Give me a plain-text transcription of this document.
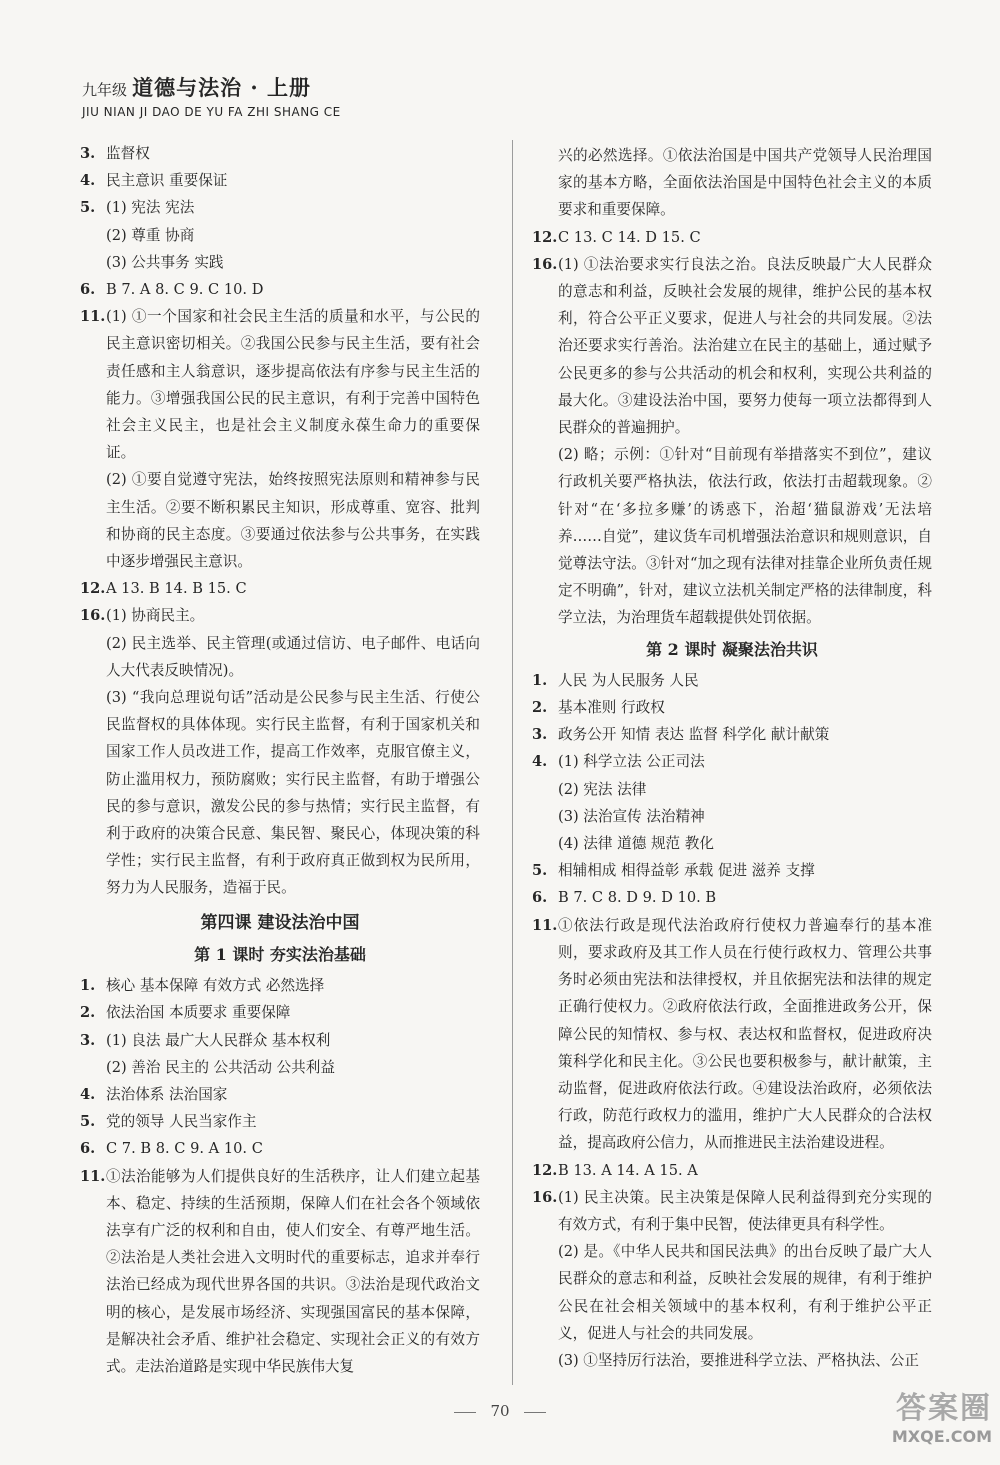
九年级 道德与法治 · 上册
JIU NIAN JI DAO DE YU FA ZHI SHANG CE
3. 监督权
4. 民主意识 重要保证
5. (1) 宪法 宪法
(2) 尊重 协商
(3) 公共事务 实践
6. B 7. A 8. C 9. C 10. D
11. (1) ①一个国家和社会民主生活的质量和水平，与公民的民主意识密切相关。②我国公民参与民主生活，要有社会责任感和主人翁意识，逐步提高依法有序参与民主生活的能力。③增强我国公民的民主意识，有利于完善中国特色社会主义民主，也是社会主义制度永葆生命力的重要保证。
(2) ①要自觉遵守宪法，始终按照宪法原则和精神参与民主生活。②要不断积累民主知识，形成尊重、宽容、批判和协商的民主态度。③要通过依法参与公共事务，在实践中逐步增强民主意识。
12. A 13. B 14. B 15. C
16. (1) 协商民主。
(2) 民主选举、民主管理(或通过信访、电子邮件、电话向人大代表反映情况)。
(3) “我向总理说句话”活动是公民参与民主生活、行使公民监督权的具体体现。实行民主监督，有利于国家机关和国家工作人员改进工作，提高工作效率，克服官僚主义，防止滥用权力，预防腐败；实行民主监督，有助于增强公民的参与意识，激发公民的参与热情；实行民主监督，有利于政府的决策合民意、集民智、聚民心，体现决策的科学性；实行民主监督，有利于政府真正做到权为民所用，努力为人民服务，造福于民。
第四课 建设法治中国
第 1 课时 夯实法治基础
1. 核心 基本保障 有效方式 必然选择
2. 依法治国 本质要求 重要保障
3. (1) 良法 最广大人民群众 基本权利
(2) 善治 民主的 公共活动 公共利益
4. 法治体系 法治国家
5. 党的领导 人民当家作主
6. C 7. B 8. C 9. A 10. C
11. ①法治能够为人们提供良好的生活秩序，让人们建立起基本、稳定、持续的生活预期，保障人们在社会各个领域依法享有广泛的权利和自由，使人们安全、有尊严地生活。②法治是人类社会进入文明时代的重要标志，追求并奉行法治已经成为现代世界各国的共识。③法治是现代政治文明的核心，是发展市场经济、实现强国富民的基本保障，是解决社会矛盾、维护社会稳定、实现社会正义的有效方式。走法治道路是实现中华民族伟大复
兴的必然选择。①依法治国是中国共产党领导人民治理国家的基本方略，全面依法治国是中国特色社会主义的本质要求和重要保障。
12. C 13. C 14. D 15. C
16. (1) ①法治要求实行良法之治。良法反映最广大人民群众的意志和利益，反映社会发展的规律，维护公民的基本权利，符合公平正义要求，促进人与社会的共同发展。②法治还要求实行善治。法治建立在民主的基础上，通过赋予公民更多的参与公共活动的机会和权利，实现公共利益的最大化。③建设法治中国，要努力使每一项立法都得到人民群众的普遍拥护。
(2) 略；示例：①针对“目前现有举措落实不到位”，建议行政机关要严格执法，依法行政，依法打击超载现象。②针对“在‘多拉多赚’的诱惑下，治超‘猫鼠游戏’无法培养……自觉”，建议货车司机增强法治意识和规则意识，自觉尊法守法。③针对“加之现有法律对挂靠企业所负责任规定不明确”，针对，建议立法机关制定严格的法律制度，科学立法，为治理货车超载提供处罚依据。
第 2 课时 凝聚法治共识
1. 人民 为人民服务 人民
2. 基本准则 行政权
3. 政务公开 知情 表达 监督 科学化 献计献策
4. (1) 科学立法 公正司法
(2) 宪法 法律
(3) 法治宣传 法治精神
(4) 法律 道德 规范 教化
5. 相辅相成 相得益彰 承载 促进 滋养 支撑
6. B 7. C 8. D 9. D 10. B
11. ①依法行政是现代法治政府行使权力普遍奉行的基本准则，要求政府及其工作人员在行使行政权力、管理公共事务时必须由宪法和法律授权，并且依据宪法和法律的规定正确行使权力。②政府依法行政，全面推进政务公开，保障公民的知情权、参与权、表达权和监督权，促进政府决策科学化和民主化。③公民也要积极参与，献计献策，主动监督，促进政府依法行政。④建设法治政府，必须依法行政，防范行政权力的滥用，维护广大人民群众的合法权益，提高政府公信力，从而推进民主法治建设进程。
12. B 13. A 14. A 15. A
16. (1) 民主决策。民主决策是保障人民利益得到充分实现的有效方式，有利于集中民智，使法律更具有科学性。
(2) 是。《中华人民共和国民法典》的出台反映了最广大人民群众的意志和利益，反映社会发展的规律，有利于维护公民在社会相关领域中的基本权利，有利于维护公平正义，促进人与社会的共同发展。
(3) ①坚持厉行法治，要推进科学立法、严格执法、公正
70	答案圈
MXQE.COM
